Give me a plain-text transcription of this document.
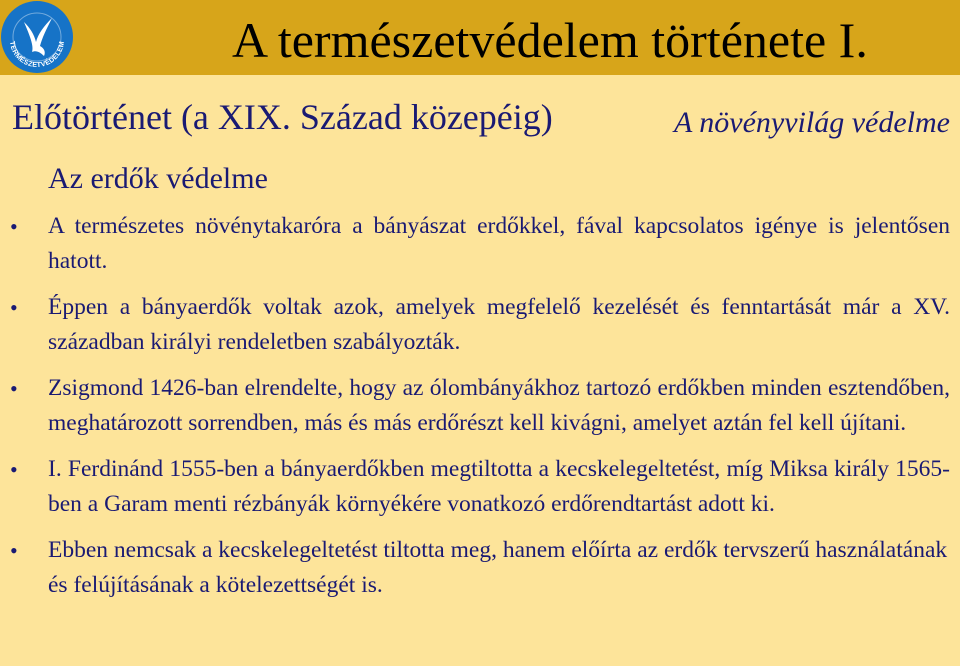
TERMÉSZETVÉDELEM	A természetvédelem története I.
Előtörténet (a XIX. Század közepéig)	A növényvilág védelme
Az erdők védelme
• A természetes növénytakaróra a bányászat erdőkkel, fával kapcsolatos igénye is jelentősen hatott.
• Éppen a bányaerdők voltak azok, amelyek megfelelő kezelését és fenntartását már a XV. században királyi rendeletben szabályozták.
• Zsigmond 1426-ban elrendelte, hogy az ólombányákhoz tartozó erdőkben minden esztendőben, meghatározott sorrendben, más és más erdőrészt kell kivágni, amelyet aztán fel kell újítani.
• I. Ferdinánd 1555-ben a bányaerdőkben megtiltotta a kecskelegeltetést, míg Miksa király 1565-ben a Garam menti rézbányák környékére vonatkozó erdőrendtartást adott ki.
• Ebben nemcsak a kecskelegeltetést tiltotta meg, hanem előírta az erdők tervszerű használatának és felújításának a kötelezettségét is.
